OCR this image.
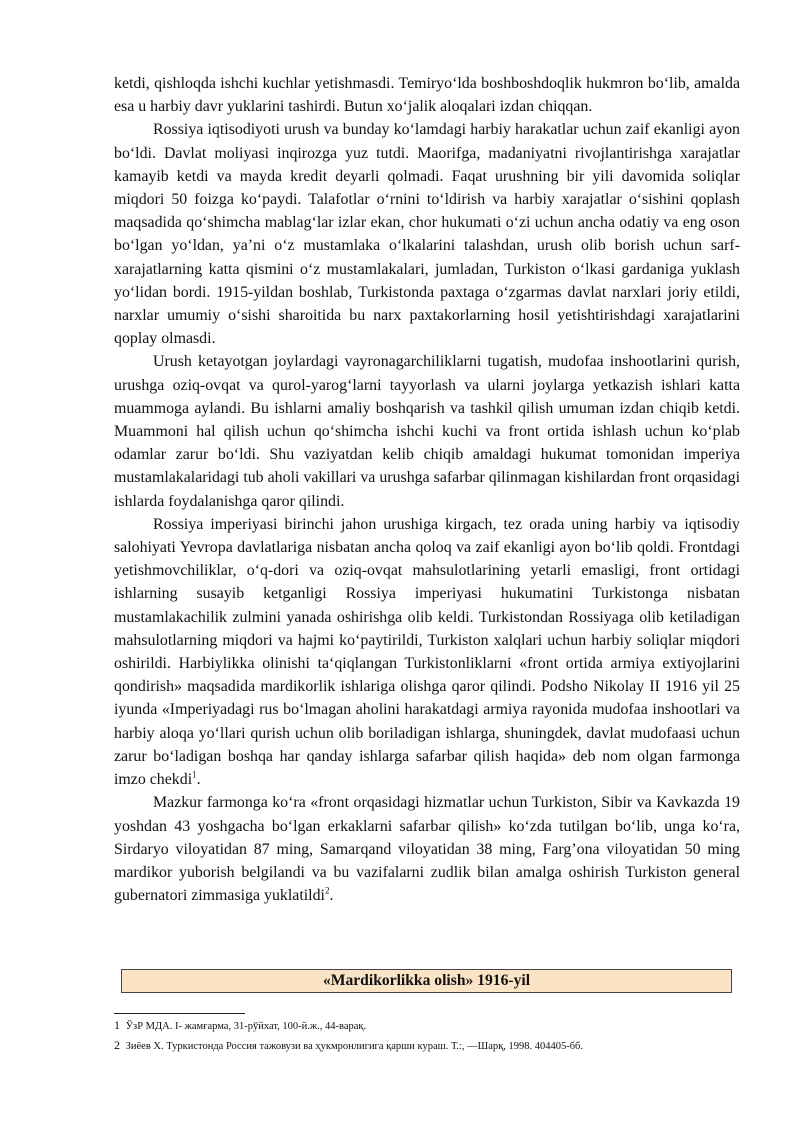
ketdi, qishloqda ishchi kuchlar yetishmasdi. Temiryo‘lda boshboshdoqlik hukmron bo‘lib, amalda esa u harbiy davr yuklarini tashirdi. Butun xo‘jalik aloqalari izdan chiqqan.

Rossiya iqtisodiyoti urush va bunday ko‘lamdagi harbiy harakatlar uchun zaif ekanligi ayon bo‘ldi. Davlat moliyasi inqirozga yuz tutdi. Maorifga, madaniyatni rivojlantirishga xarajatlar kamayib ketdi va mayda kredit deyarli qolmadi. Faqat urushning bir yili davomida soliqlar miqdori 50 foizga ko‘paydi. Talafotlar o‘rnini to‘ldirish va harbiy xarajatlar o‘sishini qoplash maqsadida qo‘shimcha mablag‘lar izlar ekan, chor hukumati o‘zi uchun ancha odatiy va eng oson bo‘lgan yo‘ldan, ya’ni o‘z mustamlaka o‘lkalarini talashdan, urush olib borish uchun sarf-xarajatlarning katta qismini o‘z mustamlakalari, jumladan, Turkiston o‘lkasi gardaniga yuklash yo‘lidan bordi. 1915-yildan boshlab, Turkistonda paxtaga o‘zgarmas davlat narxlari joriy etildi, narxlar umumiy o‘sishi sharoitida bu narx paxtakorlarning hosil yetishtirishdagi xarajatlarini qoplay olmasdi.

Urush ketayotgan joylardagi vayronagarchiliklarni tugatish, mudofaa inshootlarini qurish, urushga oziq-ovqat va qurol-yarog‘larni tayyorlash va ularni joylarga yetkazish ishlari katta muammoga aylandi. Bu ishlarni amaliy boshqarish va tashkil qilish umuman izdan chiqib ketdi. Muammoni hal qilish uchun qo‘shimcha ishchi kuchi va front ortida ishlash uchun ko‘plab odamlar zarur bo‘ldi. Shu vaziyatdan kelib chiqib amaldagi hukumat tomonidan imperiya mustamlakalaridagi tub aholi vakillari va urushga safarbar qilinmagan kishilardan front orqasidagi ishlarda foydalanishga qaror qilindi.

Rossiya imperiyasi birinchi jahon urushiga kirgach, tez orada uning harbiy va iqtisodiy salohiyati Yevropa davlatlariga nisbatan ancha qoloq va zaif ekanligi ayon bo‘lib qoldi. Frontdagi yetishmovchiliklar, o‘q-dori va oziq-ovqat mahsulotlarining yetarli emasligi, front ortidagi ishlarning susayib ketganligi Rossiya imperiyasi hukumatini Turkistonga nisbatan mustamlakachilik zulmini yanada oshirishga olib keldi. Turkistondan Rossiyaga olib ketiladigan mahsulotlarning miqdori va hajmi ko‘paytirildi, Turkiston xalqlari uchun harbiy soliqlar miqdori oshirildi. Harbiylikka olinishi ta‘qiqlangan Turkistonliklarni «front ortida armiya extiyojlarini qondirish» maqsadida mardikorlik ishlariga olishga qaror qilindi. Podsho Nikolay II 1916 yil 25 iyunda «Imperiyadagi rus bo‘lmagan aholini harakatdagi armiya rayonida mudofaa inshootlari va harbiy aloqa yo‘llari qurish uchun olib boriladigan ishlarga, shuningdek, davlat mudofaasi uchun zarur bo‘ladigan boshqa har qanday ishlarga safarbar qilish haqida» deb nom olgan farmonga imzo chekdi$^1$.

Mazkur farmonga ko‘ra «front orqasidagi hizmatlar uchun Turkiston, Sibir va Kavkazda 19 yoshdan 43 yoshgacha bo‘lgan erkaklarni safarbar qilish» ko‘zda tutilgan bo‘lib, unga ko‘ra, Sirdaryo viloyatidan 87 ming, Samarqand viloyatidan 38 ming, Farg’ona viloyatidan 50 ming mardikor yuborish belgilandi va bu vazifalarni zudlik bilan amalga oshirish Turkiston general gubernatori zimmasiga yuklatildi$^2$.

«Mardikorlikka olish» 1916-yil

1 ЎзР МДА. I- жамғарма, 31-рўйхат, 100-й.ж., 44-варақ.

2 Зиёев Х. Туркистонда Россия тажовузи ва ҳукмронлигига қарши кураш. Т.:, —Шарқ, 1998. 404405-бб.
